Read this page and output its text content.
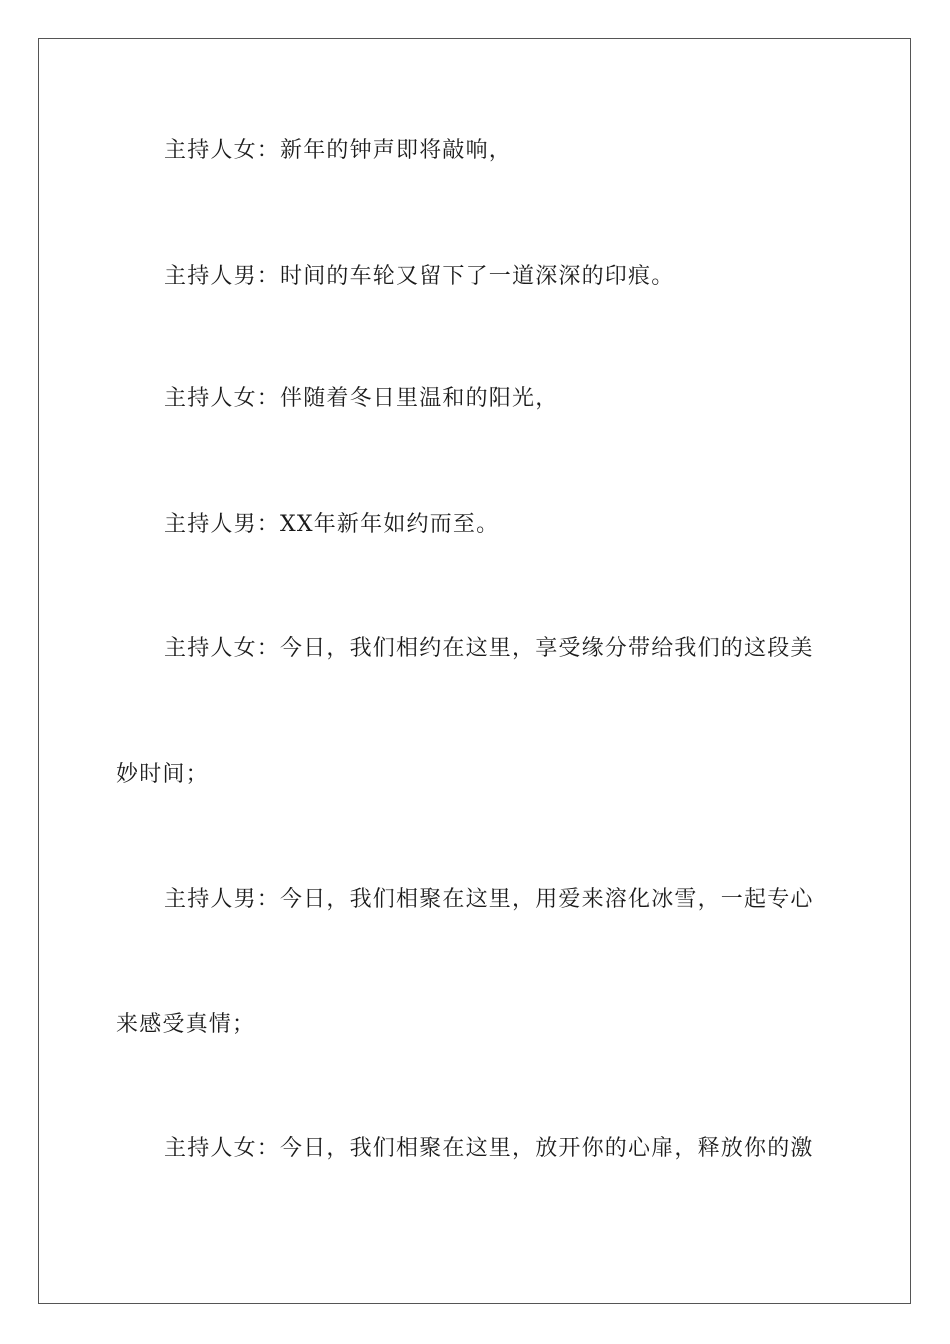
主持人女：新年的钟声即将敲响，
主持人男：时间的车轮又留下了一道深深的印痕。
主持人女：伴随着冬日里温和的阳光，
主持人男：XX年新年如约而至。
主持人女：今日，我们相约在这里，享受缘分带给我们的这段美
妙时间；
主持人男：今日，我们相聚在这里，用爱来溶化冰雪，一起专心
来感受真情；
主持人女：今日，我们相聚在这里，放开你的心扉，释放你的激
